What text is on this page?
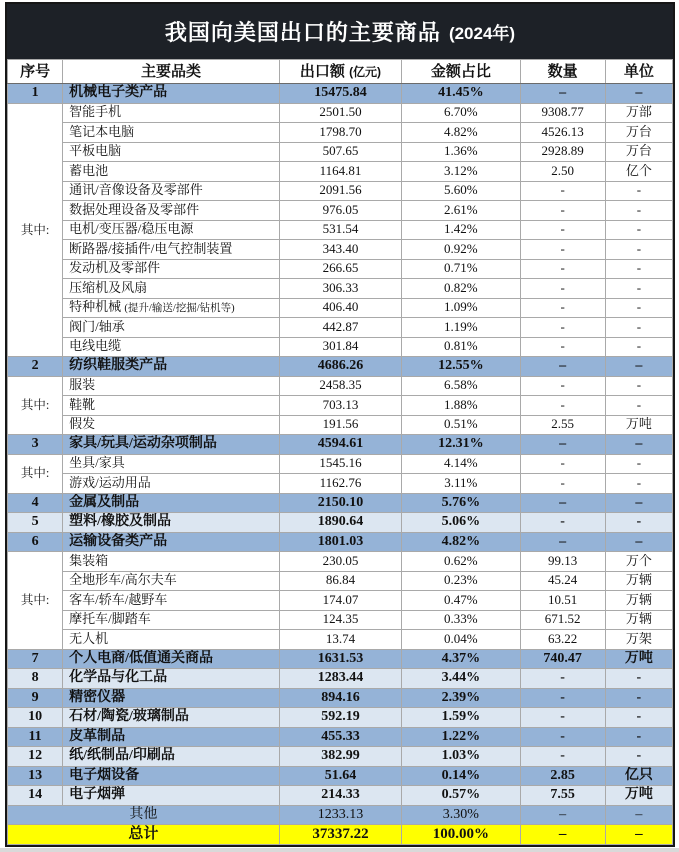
我国向美国出口的主要商品 (2024年)
序号	主要品类	出口额 (亿元)	金额占比	数量	单位
1	机械电子类产品	15475.84	41.45%	–	–
其中:	智能手机	2501.50	6.70%	9308.77	万部
	笔记本电脑	1798.70	4.82%	4526.13	万台
	平板电脑	507.65	1.36%	2928.89	万台
	蓄电池	1164.81	3.12%	2.50	亿个
	通讯/音像设备及零部件	2091.56	5.60%	-	-
	数据处理设备及零部件	976.05	2.61%	-	-
	电机/变压器/稳压电源	531.54	1.42%	-	-
	断路器/接插件/电气控制装置	343.40	0.92%	-	-
	发动机及零部件	266.65	0.71%	-	-
	压缩机及风扇	306.33	0.82%	-	-
	特种机械 (提升/输送/挖掘/钻机等)	406.40	1.09%	-	-
	阀门/轴承	442.87	1.19%	-	-
	电线电缆	301.84	0.81%	-	-
2	纺织鞋服类产品	4686.26	12.55%	–	–
其中:	服装	2458.35	6.58%	-	-
	鞋靴	703.13	1.88%	-	-
	假发	191.56	0.51%	2.55	万吨
3	家具/玩具/运动杂项制品	4594.61	12.31%	–	–
其中:	坐具/家具	1545.16	4.14%	-	-
	游戏/运动用品	1162.76	3.11%	-	-
4	金属及制品	2150.10	5.76%	–	–
5	塑料/橡胶及制品	1890.64	5.06%	-	-
6	运输设备类产品	1801.03	4.82%	–	–
其中:	集装箱	230.05	0.62%	99.13	万个
	全地形车/高尔夫车	86.84	0.23%	45.24	万辆
	客车/轿车/越野车	174.07	0.47%	10.51	万辆
	摩托车/脚踏车	124.35	0.33%	671.52	万辆
	无人机	13.74	0.04%	63.22	万架
7	个人电商/低值通关商品	1631.53	4.37%	740.47	万吨
8	化学品与化工品	1283.44	3.44%	-	-
9	精密仪器	894.16	2.39%	-	-
10	石材/陶瓷/玻璃制品	592.19	1.59%	-	-
11	皮革制品	455.33	1.22%	-	-
12	纸/纸制品/印刷品	382.99	1.03%	-	-
13	电子烟设备	51.64	0.14%	2.85	亿只
14	电子烟弹	214.33	0.57%	7.55	万吨
其他		1233.13	3.30%	–	–
总计		37337.22	100.00%	–	–
